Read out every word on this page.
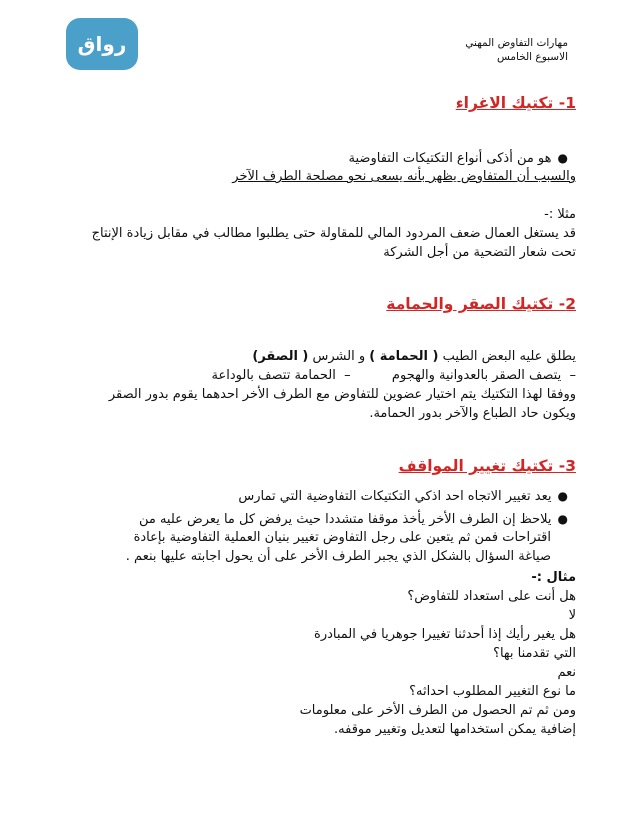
رواق	مهارات التفاوض المهني
الاسبوع الخامس
1- تكتيك الاغراء
●هو من أذكى أنواع التكتيكات التفاوضية
والسبب أن المتفاوض يظهر بأنه يسعى نحو مصلحة الطرف الآخر
مثلا :-
قد يستغل العمال ضعف المردود المالي للمقاولة حتى يطلبوا مطالب في مقابل زيادة الإنتاج
تحت شعار التضحية من أجل الشركة
2- تكتيك الصقر والحمامة
يطلق عليه البعض الطيب ( الحمامة ) و الشرس ( الصقر)
–  يتصف الصقر بالعدوانية والهجوم          –  الحمامة تتصف بالوداعة
ووفقا لهذا التكتيك يتم اختيار عضوين للتفاوض مع الطرف الأخر احدهما يقوم بدور الصقر
ويكون حاد الطباع والآخر بدور الحمامة.
3- تكتيك تغيير المواقف
●يعد تغيير الاتجاه احد اذكي التكتيكات التفاوضية التي تمارس
●يلاحظ إن الطرف الأخر يأخذ موقفا متشددا حيث يرفض كل ما يعرض عليه من
اقتراحات فمن ثم يتعين على رجل التفاوض تغيير بنيان العملية التفاوضية بإعادة
صياغة السؤال بالشكل الذي يجبر الطرف الأخر على أن يحول اجابته عليها بنعم .
مثال :-
هل أنت على استعداد للتفاوض؟
لا
هل يغير رأيك إذا أحدثنا تغييرا جوهريا في المبادرة
التي تقدمنا بها؟
نعم
ما نوع التغيير المطلوب احداثه؟
ومن ثم تم الحصول من الطرف الأخر على معلومات
إضافية يمكن استخدامها لتعديل وتغيير موقفه.
